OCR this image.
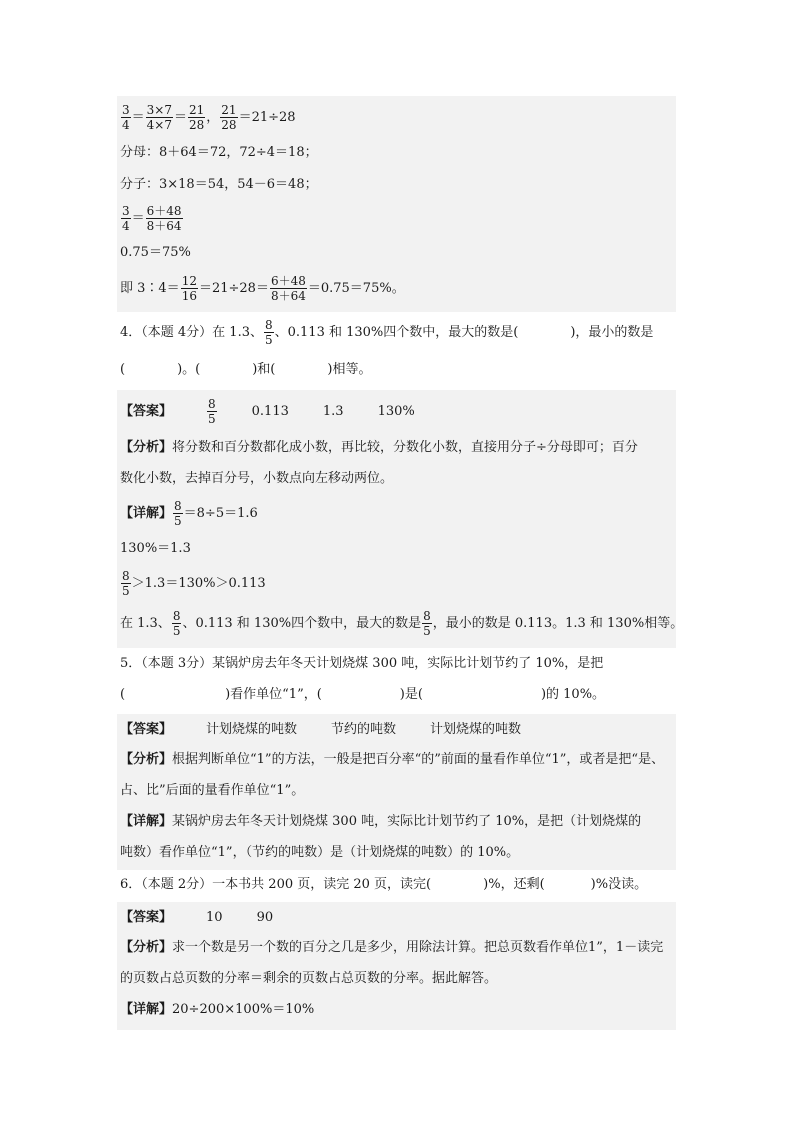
$\frac{3}{4} = \frac{3\times 7}{4\times 7} = \frac{21}{28}$ ， $\frac{21}{28} =21\div 28$
分母：8＋64＝72，72÷4＝18；
分子：3×18＝54，54－6＝48；
$\frac{3}{4} = \frac{6+48}{8+64}$
0.75＝75%
即 3∶4＝ $\frac{12}{16} =21\div 28= \frac{6+48}{8+64} =0.75=75\%$。
4．（本题 4分）在 1.3、 $\frac{8}{5}$ 、0.113 和 130%四个数中，最大的数是(	)，最小的数是
(	)。(	)和(	)相等。
【答案】	$\frac{8}{5}$	0.113	1.3	130%
【分析】将分数和百分数都化成小数，再比较，分数化小数，直接用分子÷分母即可；百分
数化小数，去掉百分号，小数点向左移动两位。
【详解】 $\frac{8}{5} =8\div 5=1.6$
130%＝1.3
$\frac{8}{5} >1.3=130\%>0.113$
在 1.3、 $\frac{8}{5}$ 、0.113 和 130%四个数中，最大的数是 $\frac{8}{5}$ ，最小的数是 0.113。1.3 和 130%相等。
5．（本题 3分）某锅炉房去年冬天计划烧煤 300 吨，实际比计划节约了 10%，是把
(	)看作单位“1”，(	)是(	)的 10%。
【答案】	计划烧煤的吨数	节约的吨数	计划烧煤的吨数
【分析】根据判断单位“1”的方法，一般是把百分率“的”前面的量看作单位“1”，或者是把“是、
占、比”后面的量看作单位“1”。
【详解】某锅炉房去年冬天计划烧煤 300 吨，实际比计划节约了 10%，是把（计划烧煤的
吨数）看作单位“1”，（节约的吨数）是（计划烧煤的吨数）的 10%。
6．（本题 2分）一本书共 200 页，读完 20 页，读完(	)%，还剩(	)%没读。
【答案】	10	90
【分析】求一个数是另一个数的百分之几是多少，用除法计算。把总页数看作单位1”，1－读完
的页数占总页数的分率＝剩余的页数占总页数的分率。据此解答。
【详解】20÷200×100%＝10%
